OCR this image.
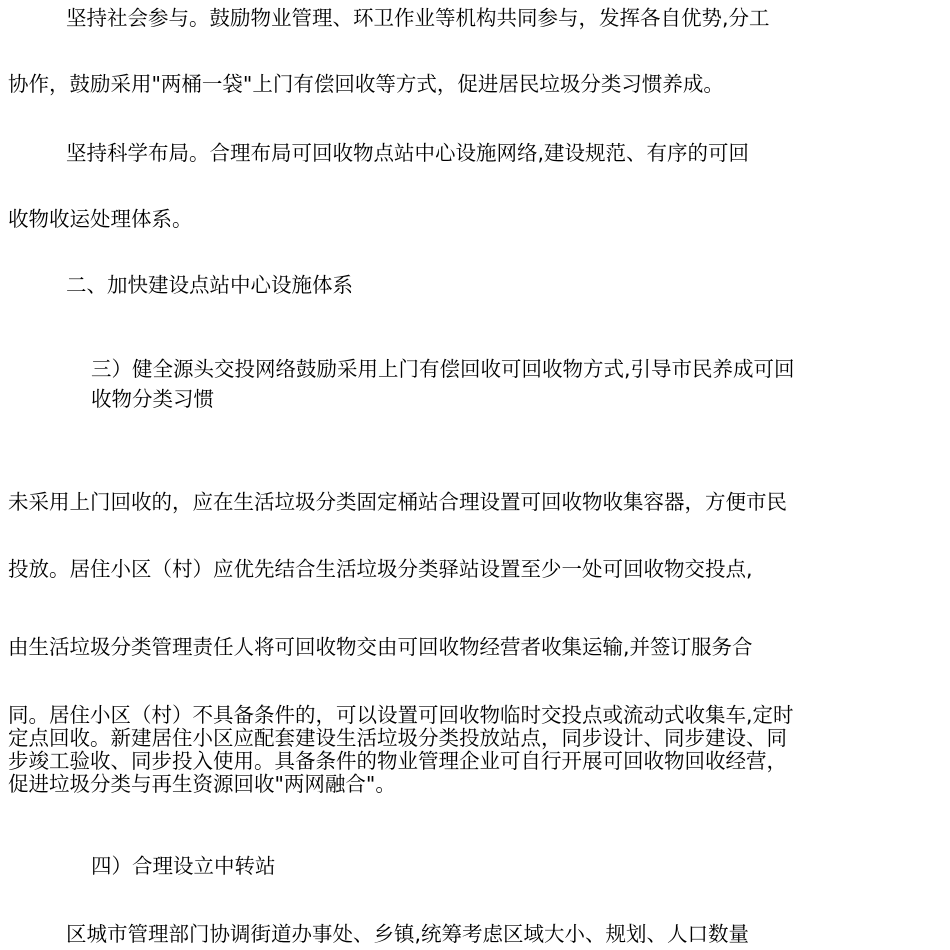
坚持社会参与。鼓励物业管理、环卫作业等机构共同参与，发挥各自优势,分工
协作，鼓励采用"两桶一袋"上门有偿回收等方式，促进居民垃圾分类习惯养成。
坚持科学布局。合理布局可回收物点站中心设施网络,建设规范、有序的可回
收物收运处理体系。
二、加快建设点站中心设施体系
三）健全源头交投网络鼓励采用上门有偿回收可回收物方式,引导市民养成可回
收物分类习惯
未采用上门回收的，应在生活垃圾分类固定桶站合理设置可回收物收集容器，方便市民
投放。居住小区（村）应优先结合生活垃圾分类驿站设置至少一处可回收物交投点,
由生活垃圾分类管理责任人将可回收物交由可回收物经营者收集运输,并签订服务合
同。居住小区（村）不具备条件的，可以设置可回收物临时交投点或流动式收集车,定时
定点回收。新建居住小区应配套建设生活垃圾分类投放站点，同步设计、同步建设、同
步竣工验收、同步投入使用。具备条件的物业管理企业可自行开展可回收物回收经营，
促进垃圾分类与再生资源回收"两网融合"。
四）合理设立中转站
区城市管理部门协调街道办事处、乡镇,统筹考虑区域大小、规划、人口数量
